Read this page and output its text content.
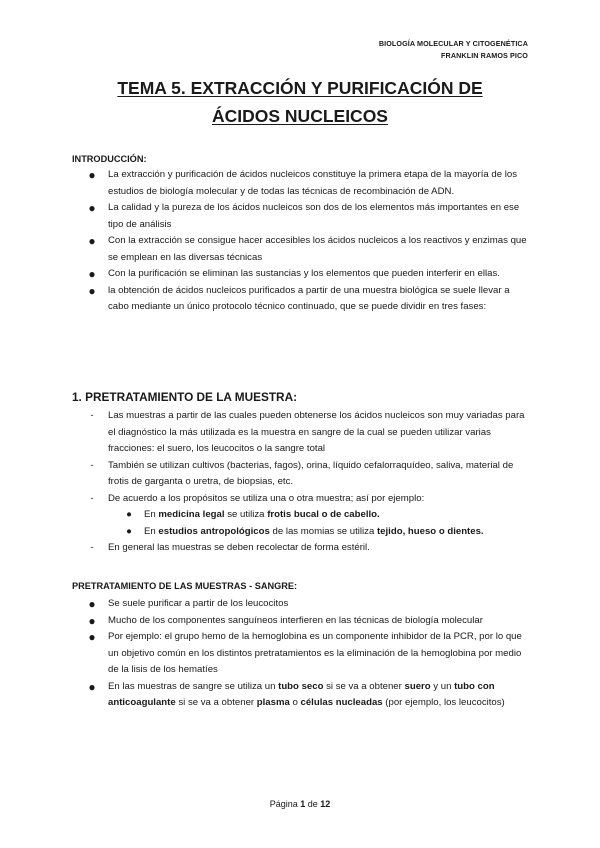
BIOLOGÍA MOLECULAR Y CITOGENÉTICA
FRANKLIN RAMOS PICO
TEMA 5. EXTRACCIÓN Y PURIFICACIÓN DE
ÁCIDOS NUCLEICOS
INTRODUCCIÓN:
● La extracción y purificación de ácidos nucleicos constituye la primera etapa de la mayoría de los estudios de biología molecular y de todas las técnicas de recombinación de ADN.
● La calidad y la pureza de los ácidos nucleicos son dos de los elementos más importantes en ese tipo de análisis
● Con la extracción se consigue hacer accesibles los ácidos nucleicos a los reactivos y enzimas que se emplean en las diversas técnicas
● Con la purificación se eliminan las sustancias y los elementos que pueden interferir en ellas.
● la obtención de ácidos nucleicos purificados a partir de una muestra biológica se suele llevar a cabo mediante un único protocolo técnico continuado, que se puede dividir en tres fases:
1. PRETRATAMIENTO DE LA MUESTRA:
-	Las muestras a partir de las cuales pueden obtenerse los ácidos nucleicos son muy variadas para el diagnóstico la más utilizada es la muestra en sangre de la cual se pueden utilizar varias fracciones: el suero, los leucocitos o la sangre total
-	También se utilizan cultivos (bacterias, fagos), orina, líquido cefalorraquídeo, saliva, material de frotis de garganta o uretra, de biopsias, etc.
-	De acuerdo a los propósitos se utiliza una o otra muestra; así por ejemplo:
● En medicina legal se utiliza frotis bucal o de cabello.
● En estudios antropológicos de las momias se utiliza tejido, hueso o dientes.
-	En general las muestras se deben recolectar de forma estéril.
PRETRATAMIENTO DE LAS MUESTRAS - SANGRE:
● Se suele purificar a partir de los leucocitos
● Mucho de los componentes sanguíneos interfieren en las técnicas de biología molecular
● Por ejemplo: el grupo hemo de la hemoglobina es un componente inhibidor de la PCR, por lo que un objetivo común en los distintos pretratamientos es la eliminación de la hemoglobina por medio de la lisis de los hematíes
● En las muestras de sangre se utiliza un tubo seco si se va a obtener suero y un tubo con anticoagulante si se va a obtener plasma o células nucleadas (por ejemplo, los leucocitos)
Página 1 de 12
